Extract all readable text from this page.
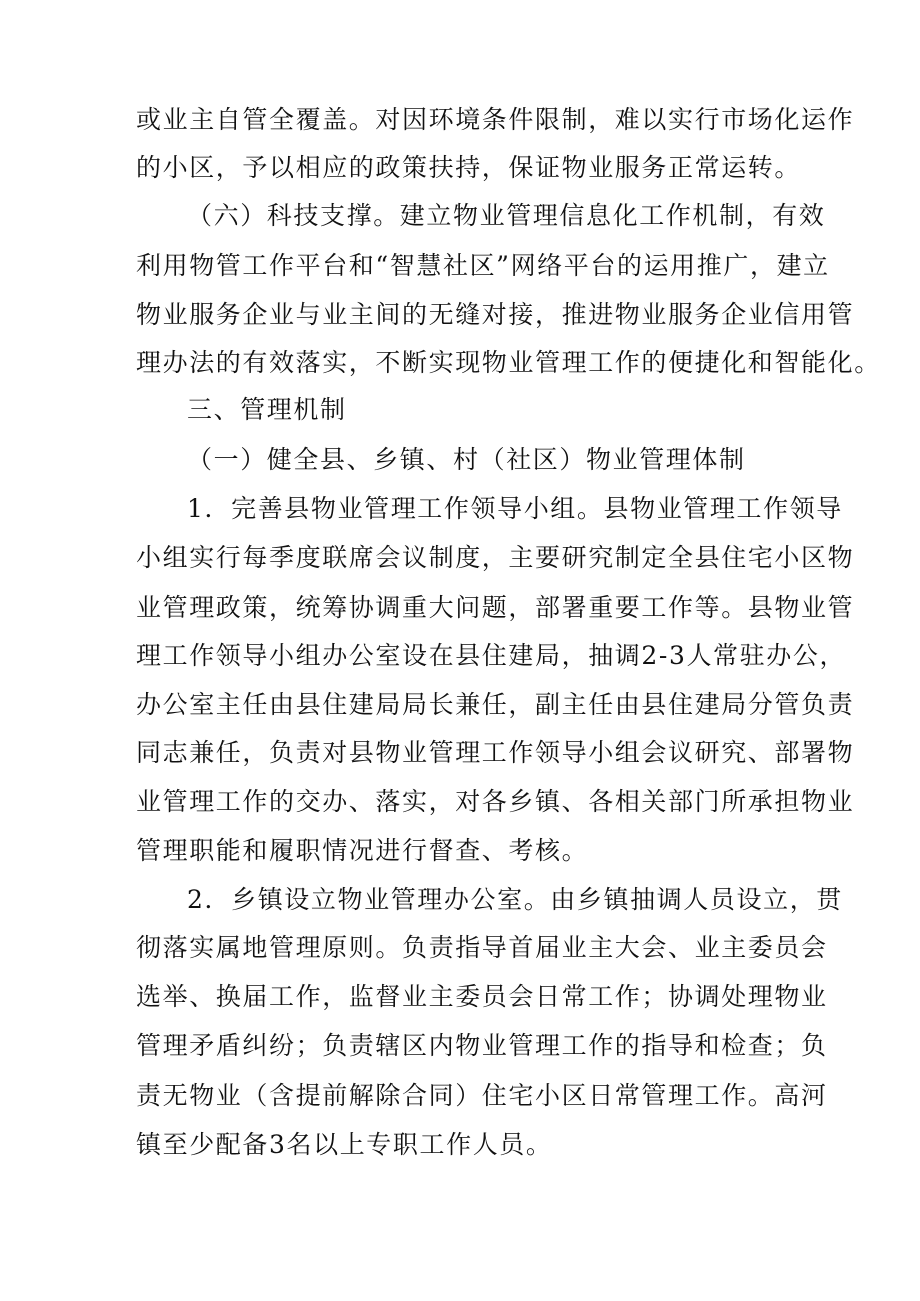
或业主自管全覆盖。对因环境条件限制，难以实行市场化运作
的小区，予以相应的政策扶持，保证物业服务正常运转。
（六）科技支撑。建立物业管理信息化工作机制，有效
利用物管工作平台和“智慧社区”网络平台的运用推广，建立
物业服务企业与业主间的无缝对接，推进物业服务企业信用管
理办法的有效落实，不断实现物业管理工作的便捷化和智能化。
三、管理机制
（一）健全县、乡镇、村（社区）物业管理体制
1．完善县物业管理工作领导小组。县物业管理工作领导
小组实行每季度联席会议制度，主要研究制定全县住宅小区物
业管理政策，统筹协调重大问题，部署重要工作等。县物业管
理工作领导小组办公室设在县住建局，抽调2-3人常驻办公，
办公室主任由县住建局局长兼任，副主任由县住建局分管负责
同志兼任，负责对县物业管理工作领导小组会议研究、部署物
业管理工作的交办、落实，对各乡镇、各相关部门所承担物业
管理职能和履职情况进行督查、考核。
2．乡镇设立物业管理办公室。由乡镇抽调人员设立，贯
彻落实属地管理原则。负责指导首届业主大会、业主委员会
选举、换届工作，监督业主委员会日常工作；协调处理物业
管理矛盾纠纷；负责辖区内物业管理工作的指导和检查；负
责无物业（含提前解除合同）住宅小区日常管理工作。高河
镇至少配备3名以上专职工作人员。
